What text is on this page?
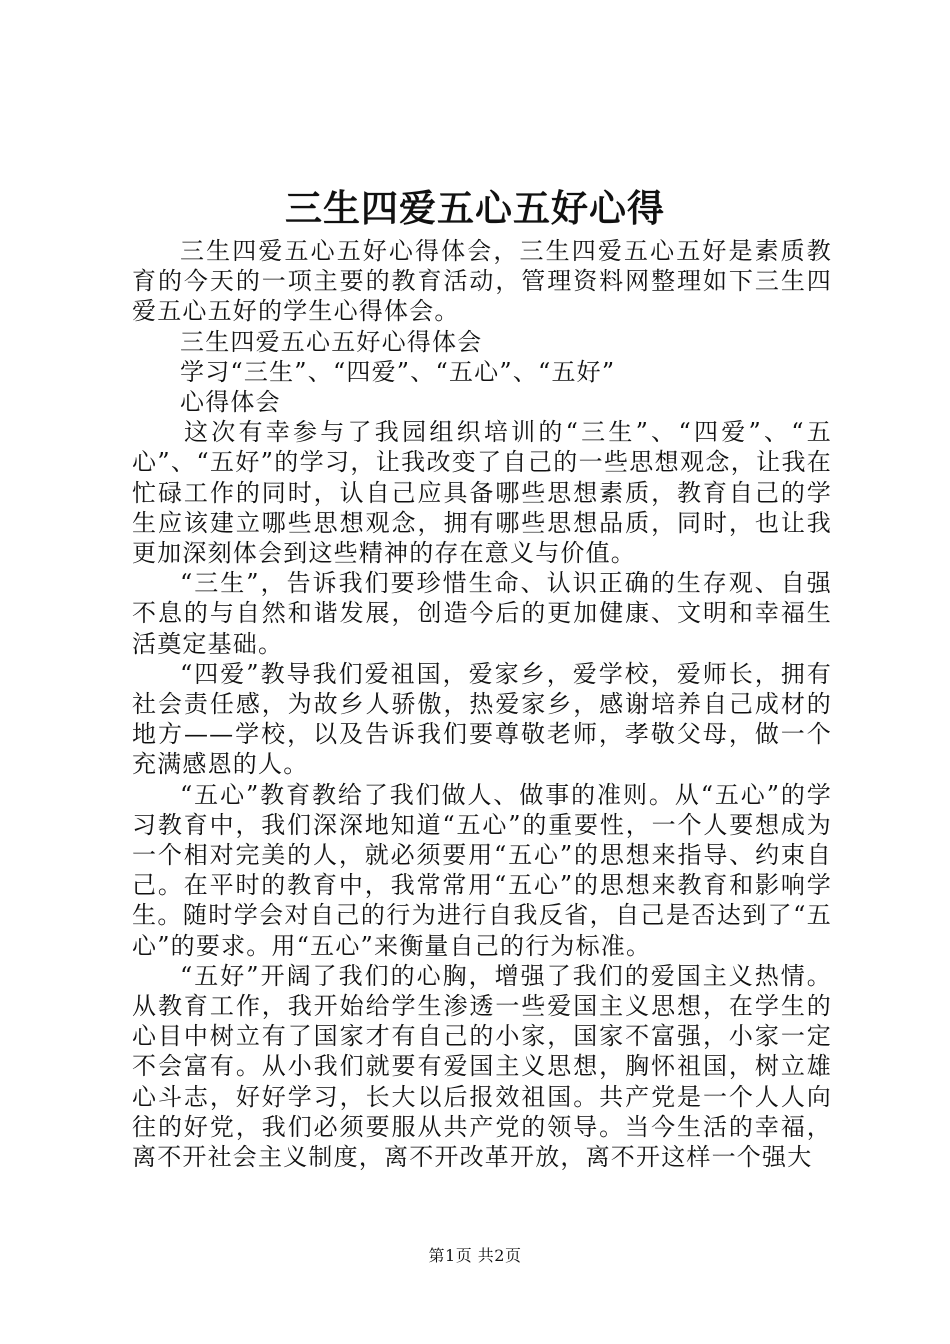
三生四爱五心五好心得

三生四爱五心五好心得体会，三生四爱五心五好是素质教育的今天的一项主要的教育活动，管理资料网整理如下三生四爱五心五好的学生心得体会。

三生四爱五心五好心得体会

学习“三生”、“四爱”、“五心”、“五好”

心得体会

这次有幸参与了我园组织培训的“三生”、“四爱”、“五心”、“五好”的学习，让我改变了自己的一些思想观念，让我在忙碌工作的同时，认自己应具备哪些思想素质，教育自己的学生应该建立哪些思想观念，拥有哪些思想品质，同时，也让我更加深刻体会到这些精神的存在意义与价值。

“三生”，告诉我们要珍惜生命、认识正确的生存观、自强不息的与自然和谐发展，创造今后的更加健康、文明和幸福生活奠定基础。

“四爱”教导我们爱祖国，爱家乡，爱学校，爱师长，拥有社会责任感，为故乡人骄傲，热爱家乡，感谢培养自己成材的地方——学校，以及告诉我们要尊敬老师，孝敬父母，做一个充满感恩的人。

“五心”教育教给了我们做人、做事的准则。从“五心”的学习教育中，我们深深地知道“五心”的重要性，一个人要想成为一个相对完美的人，就必须要用“五心”的思想来指导、约束自己。在平时的教育中，我常常用“五心”的思想来教育和影响学生。随时学会对自己的行为进行自我反省，自己是否达到了“五心”的要求。用“五心”来衡量自己的行为标准。

“五好”开阔了我们的心胸，增强了我们的爱国主义热情。从教育工作，我开始给学生渗透一些爱国主义思想，在学生的心目中树立有了国家才有自己的小家，国家不富强，小家一定不会富有。从小我们就要有爱国主义思想，胸怀祖国，树立雄心斗志，好好学习，长大以后报效祖国。共产党是一个人人向往的好党，我们必须要服从共产党的领导。当今生活的幸福，离不开社会主义制度，离不开改革开放，离不开这样一个强大

第1页 共2页
